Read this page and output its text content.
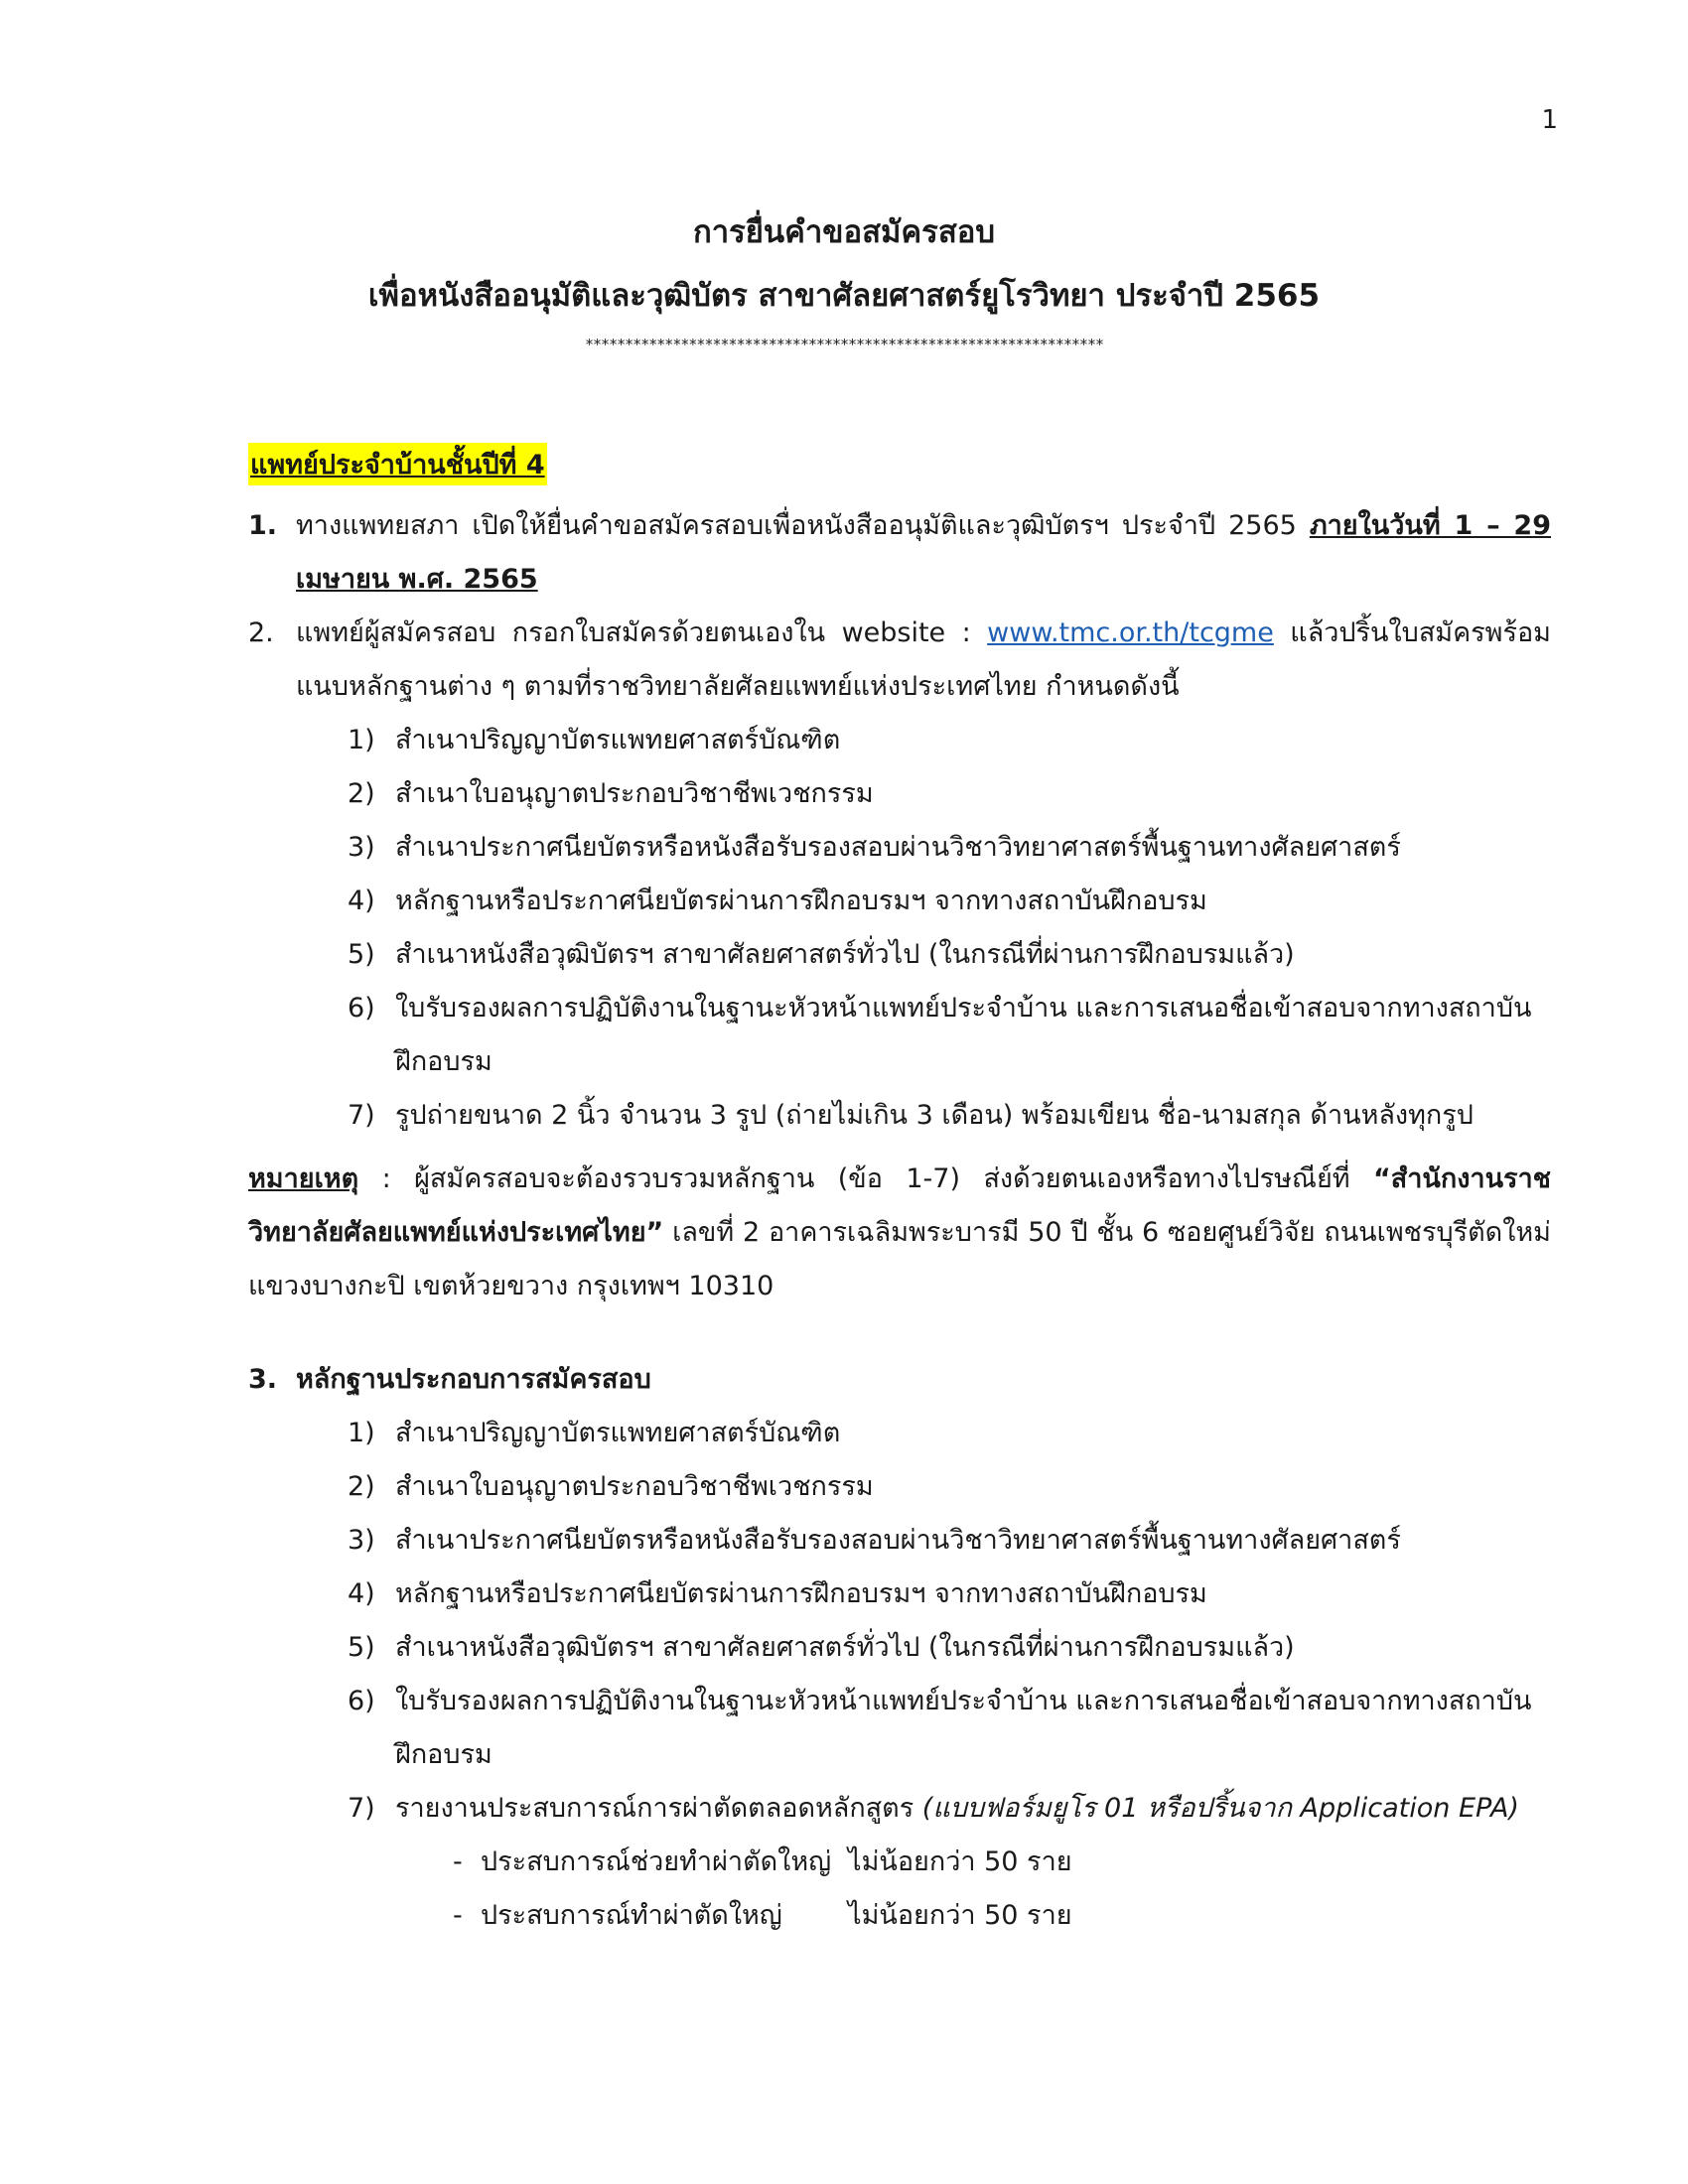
1
การยื่นคำขอสมัครสอบ
เพื่อหนังสืออนุมัติและวุฒิบัตร สาขาศัลยศาสตร์ยูโรวิทยา ประจำปี 2565
*****************************************************************
แพทย์ประจำบ้านชั้นปีที่ 4
1. ทางแพทยสภา เปิดให้ยื่นคำขอสมัครสอบเพื่อหนังสืออนุมัติและวุฒิบัตรฯ ประจำปี 2565 ภายในวันที่ 1 – 29 เมษายน พ.ศ. 2565
2. แพทย์ผู้สมัครสอบ กรอกใบสมัครด้วยตนเองใน website : www.tmc.or.th/tcgme แล้วปริ้นใบสมัครพร้อมแนบหลักฐานต่าง ๆ ตามที่ราชวิทยาลัยศัลยแพทย์แห่งประเทศไทย กำหนดดังนี้
1) สำเนาปริญญาบัตรแพทยศาสตร์บัณฑิต
2) สำเนาใบอนุญาตประกอบวิชาชีพเวชกรรม
3) สำเนาประกาศนียบัตรหรือหนังสือรับรองสอบผ่านวิชาวิทยาศาสตร์พื้นฐานทางศัลยศาสตร์
4) หลักฐานหรือประกาศนียบัตรผ่านการฝึกอบรมฯ จากทางสถาบันฝึกอบรม
5) สำเนาหนังสือวุฒิบัตรฯ สาขาศัลยศาสตร์ทั่วไป (ในกรณีที่ผ่านการฝึกอบรมแล้ว)
6) ใบรับรองผลการปฏิบัติงานในฐานะหัวหน้าแพทย์ประจำบ้าน และการเสนอชื่อเข้าสอบจากทางสถาบันฝึกอบรม
7) รูปถ่ายขนาด 2 นิ้ว จำนวน 3 รูป (ถ่ายไม่เกิน 3 เดือน) พร้อมเขียน ชื่อ-นามสกุล ด้านหลังทุกรูป
หมายเหตุ : ผู้สมัครสอบจะต้องรวบรวมหลักฐาน (ข้อ 1-7) ส่งด้วยตนเองหรือทางไปรษณีย์ที่ “สำนักงานราชวิทยาลัยศัลยแพทย์แห่งประเทศไทย” เลขที่ 2 อาคารเฉลิมพระบารมี 50 ปี ชั้น 6 ซอยศูนย์วิจัย ถนนเพชรบุรีตัดใหม่ แขวงบางกะปิ เขตห้วยขวาง กรุงเทพฯ 10310
3. หลักฐานประกอบการสมัครสอบ
1) สำเนาปริญญาบัตรแพทยศาสตร์บัณฑิต
2) สำเนาใบอนุญาตประกอบวิชาชีพเวชกรรม
3) สำเนาประกาศนียบัตรหรือหนังสือรับรองสอบผ่านวิชาวิทยาศาสตร์พื้นฐานทางศัลยศาสตร์
4) หลักฐานหรือประกาศนียบัตรผ่านการฝึกอบรมฯ จากทางสถาบันฝึกอบรม
5) สำเนาหนังสือวุฒิบัตรฯ สาขาศัลยศาสตร์ทั่วไป (ในกรณีที่ผ่านการฝึกอบรมแล้ว)
6) ใบรับรองผลการปฏิบัติงานในฐานะหัวหน้าแพทย์ประจำบ้าน และการเสนอชื่อเข้าสอบจากทางสถาบันฝึกอบรม
7) รายงานประสบการณ์การผ่าตัดตลอดหลักสูตร (แบบฟอร์มยูโร 01 หรือปริ้นจาก Application EPA)
- ประสบการณ์ช่วยทำผ่าตัดใหญ่ ไม่น้อยกว่า 50 ราย
- ประสบการณ์ทำผ่าตัดใหญ่	ไม่น้อยกว่า 50 ราย
